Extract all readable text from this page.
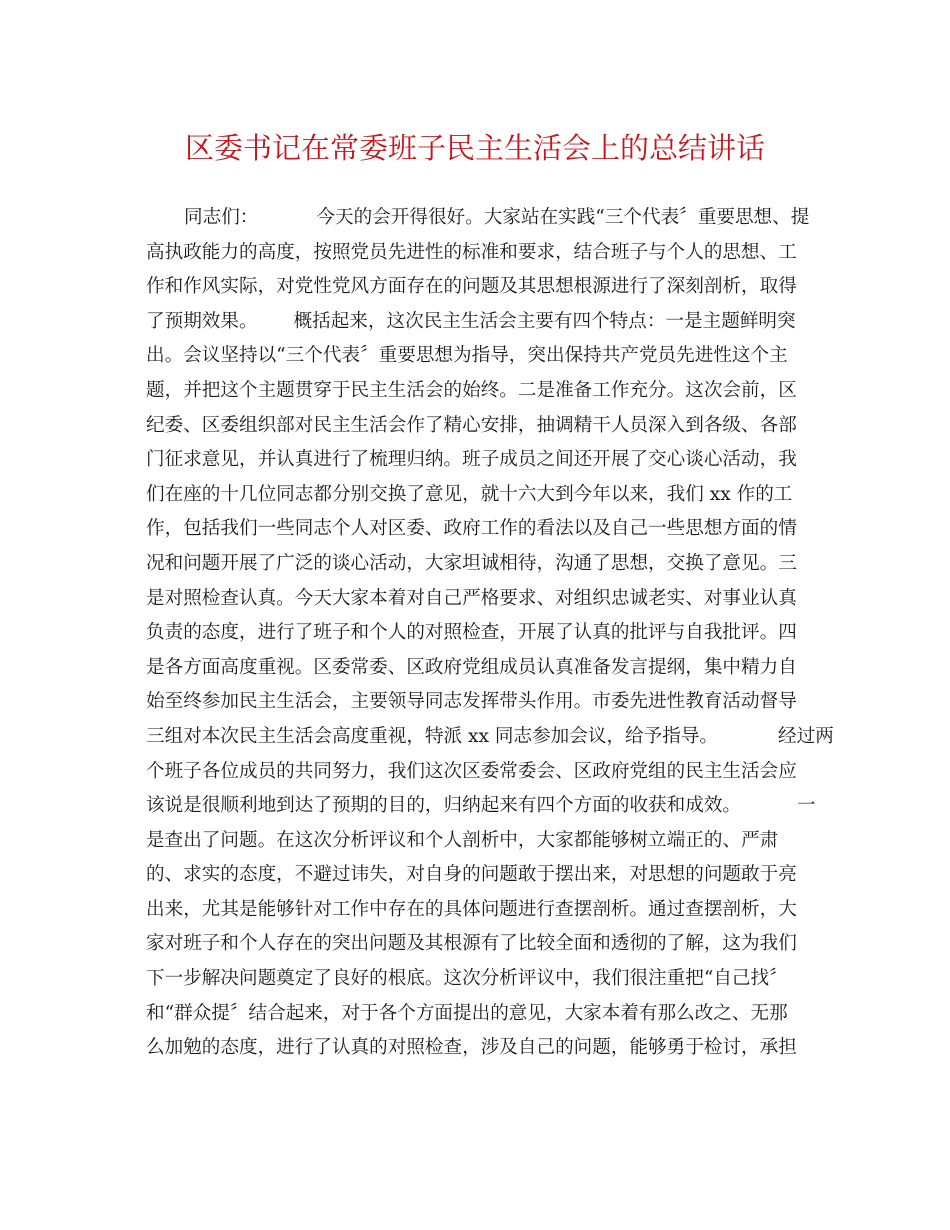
区委书记在常委班子民主生活会上的总结讲话
同志们：	今天的会开得很好。大家站在实践“三个代表〞重要思想、提
高执政能力的高度，按照党员先进性的标准和要求，结合班子与个人的思想、工
作和作风实际，对党性党风方面存在的问题及其思想根源进行了深刻剖析，取得
了预期效果。 概括起来，这次民主生活会主要有四个特点：一是主题鲜明突
出。会议坚持以“三个代表〞重要思想为指导，突出保持共产党员先进性这个主
题，并把这个主题贯穿于民主生活会的始终。二是准备工作充分。这次会前，区
纪委、区委组织部对民主生活会作了精心安排，抽调精干人员深入到各级、各部
门征求意见，并认真进行了梳理归纳。班子成员之间还开展了交心谈心活动，我
们在座的十几位同志都分别交换了意见，就十六大到今年以来，我们 xx 作的工
作，包括我们一些同志个人对区委、政府工作的看法以及自己一些思想方面的情
况和问题开展了广泛的谈心活动，大家坦诚相待，沟通了思想，交换了意见。三
是对照检查认真。今天大家本着对自己严格要求、对组织忠诚老实、对事业认真
负责的态度，进行了班子和个人的对照检查，开展了认真的批评与自我批评。四
是各方面高度重视。区委常委、区政府党组成员认真准备发言提纲，集中精力自
始至终参加民主生活会，主要领导同志发挥带头作用。市委先进性教育活动督导
三组对本次民主生活会高度重视，特派 xx 同志参加会议，给予指导。	经过两
个班子各位成员的共同努力，我们这次区委常委会、区政府党组的民主生活会应
该说是很顺利地到达了预期的目的，归纳起来有四个方面的收获和成效。	一
是查出了问题。在这次分析评议和个人剖析中，大家都能够树立端正的、严肃
的、求实的态度，不避过讳失，对自身的问题敢于摆出来，对思想的问题敢于亮
出来，尤其是能够针对工作中存在的具体问题进行查摆剖析。通过查摆剖析，大
家对班子和个人存在的突出问题及其根源有了比较全面和透彻的了解，这为我们
下一步解决问题奠定了良好的根底。这次分析评议中，我们很注重把“自己找〞
和“群众提〞结合起来，对于各个方面提出的意见，大家本着有那么改之、无那
么加勉的态度，进行了认真的对照检查，涉及自己的问题，能够勇于检讨，承担
